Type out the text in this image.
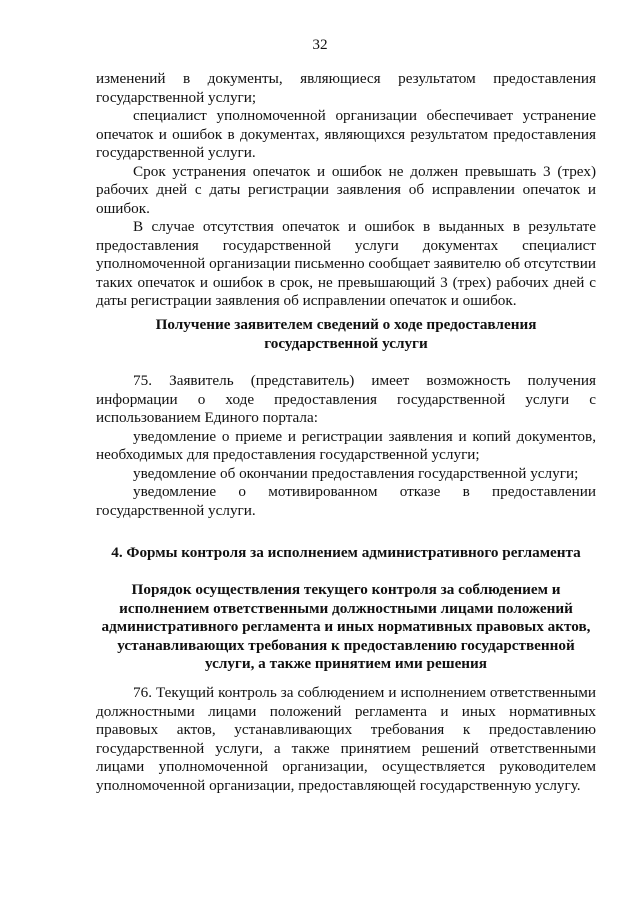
32

изменений в документы, являющиеся результатом предоставления государственной услуги;

специалист уполномоченной организации обеспечивает устранение опечаток и ошибок в документах, являющихся результатом предоставления государственной услуги.

Срок устранения опечаток и ошибок не должен превышать 3 (трех) рабочих дней с даты регистрации заявления об исправлении опечаток и ошибок.

В случае отсутствия опечаток и ошибок в выданных в результате предоставления государственной услуги документах специалист уполномоченной организации письменно сообщает заявителю об отсутствии таких опечаток и ошибок в срок, не превышающий 3 (трех) рабочих дней с даты регистрации заявления об исправлении опечаток и ошибок.

Получение заявителем сведений о ходе предоставления
государственной услуги

75. Заявитель (представитель) имеет возможность получения информации о ходе предоставления государственной услуги с использованием Единого портала:

уведомление о приеме и регистрации заявления и копий документов, необходимых для предоставления государственной услуги;

уведомление об окончании предоставления государственной услуги;

уведомление о мотивированном отказе в предоставлении государственной услуги.

4. Формы контроля за исполнением административного регламента
Порядок осуществления текущего контроля за соблюдением и
исполнением ответственными должностными лицами положений
административного регламента и иных нормативных правовых актов,
устанавливающих требования к предоставлению государственной
услуги, а также принятием ими решения

76. Текущий контроль за соблюдением и исполнением ответственными должностными лицами положений регламента и иных нормативных правовых актов, устанавливающих требования к предоставлению государственной услуги, а также принятием решений ответственными лицами уполномоченной организации, осуществляется руководителем уполномоченной организации, предоставляющей государственную услугу.
